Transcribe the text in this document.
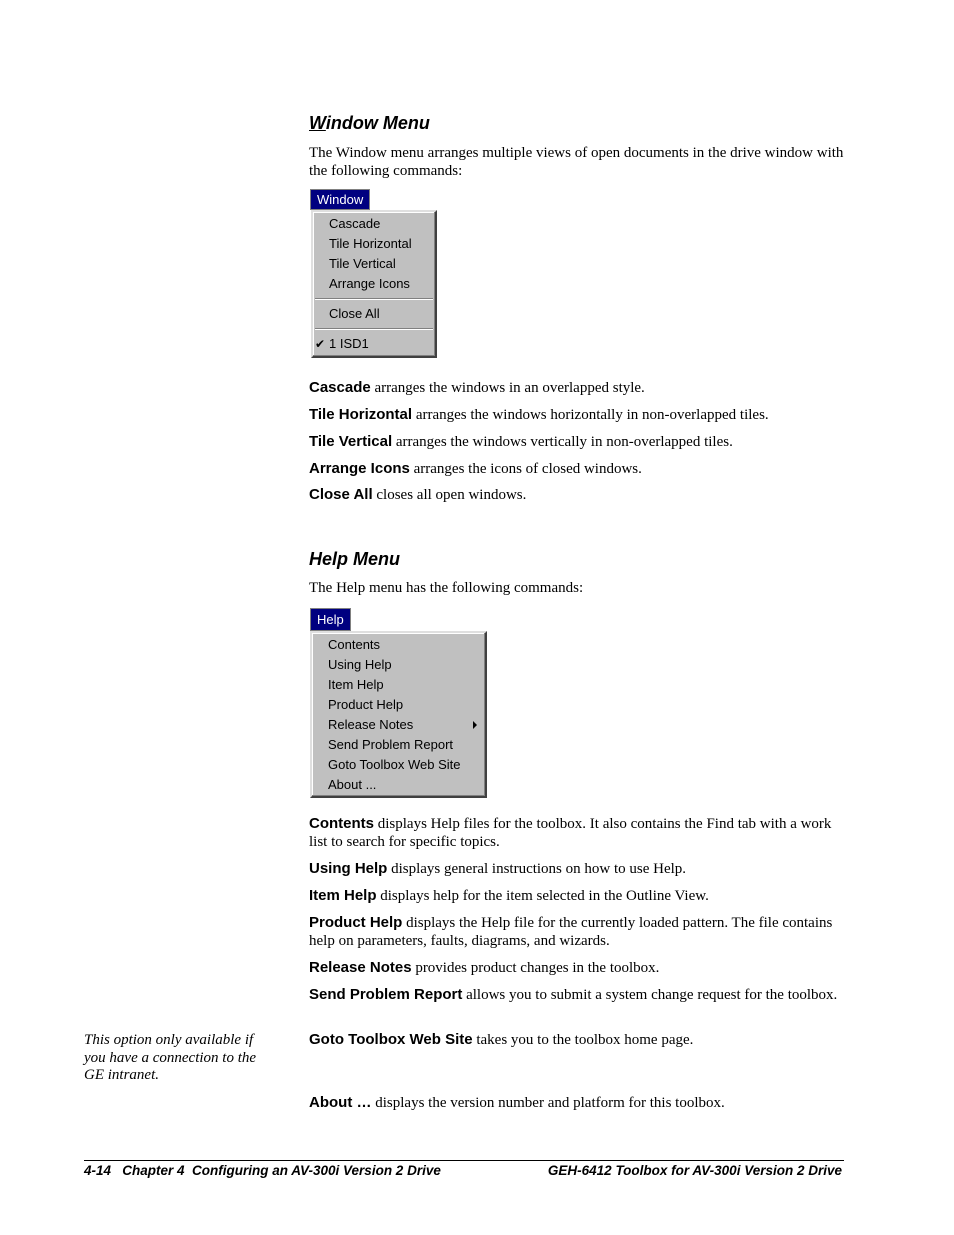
Window Menu

The Window menu arranges multiple views of open documents in the drive window with the following commands:

Window
Cascade
Tile Horizontal
Tile Vertical
Arrange Icons
Close All
✔ 1 ISD1

Cascade arranges the windows in an overlapped style.

Tile Horizontal arranges the windows horizontally in non-overlapped tiles.

Tile Vertical arranges the windows vertically in non-overlapped tiles.

Arrange Icons arranges the icons of closed windows.

Close All closes all open windows.

Help Menu

The Help menu has the following commands:

Help
Contents
Using Help
Item Help
Product Help
Release Notes
Send Problem Report
Goto Toolbox Web Site
About ...

Contents displays Help files for the toolbox. It also contains the Find tab with a work list to search for specific topics.

Using Help displays general instructions on how to use Help.

Item Help displays help for the item selected in the Outline View.

Product Help displays the Help file for the currently loaded pattern. The file contains help on parameters, faults, diagrams, and wizards.

Release Notes provides product changes in the toolbox.

Send Problem Report allows you to submit a system change request for the toolbox.

Goto Toolbox Web Site takes you to the toolbox home page.

This option only available if you have a connection to the GE intranet.

About … displays the version number and platform for this toolbox.

4-14   Chapter 4  Configuring an AV-300i Version 2 Drive	GEH-6412 Toolbox for AV-300i Version 2 Drive
